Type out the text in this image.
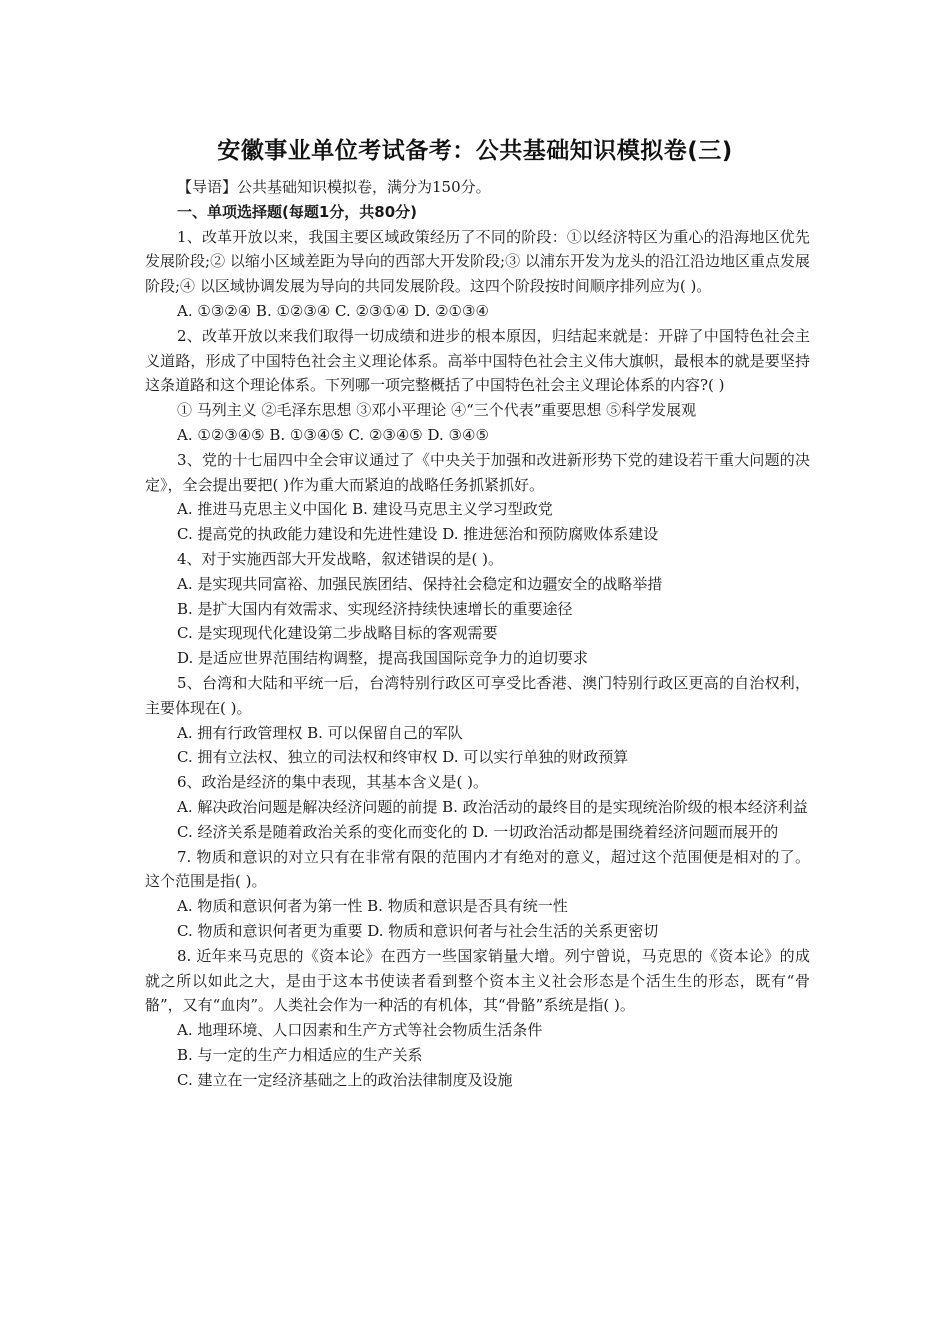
安徽事业单位考试备考：公共基础知识模拟卷(三)

【导语】公共基础知识模拟卷，满分为150分。

一、单项选择题(每题1分，共80分)

1、改革开放以来，我国主要区域政策经历了不同的阶段：①以经济特区为重心的沿海地区优先发展阶段;② 以缩小区域差距为导向的西部大开发阶段;③ 以浦东开发为龙头的沿江沿边地区重点发展阶段;④ 以区域协调发展为导向的共同发展阶段。这四个阶段按时间顺序排列应为( )。

A. ①③②④ B. ①②③④ C. ②③①④ D. ②①③④

2、改革开放以来我们取得一切成绩和进步的根本原因，归结起来就是：开辟了中国特色社会主义道路，形成了中国特色社会主义理论体系。高举中国特色社会主义伟大旗帜，最根本的就是要坚持这条道路和这个理论体系。下列哪一项完整概括了中国特色社会主义理论体系的内容?( )

① 马列主义 ②毛泽东思想 ③邓小平理论 ④“三个代表”重要思想 ⑤科学发展观

A. ①②③④⑤ B. ①③④⑤ C. ②③④⑤ D. ③④⑤

3、党的十七届四中全会审议通过了《中央关于加强和改进新形势下党的建设若干重大问题的决定》，全会提出要把( )作为重大而紧迫的战略任务抓紧抓好。

A. 推进马克思主义中国化 B. 建设马克思主义学习型政党

C. 提高党的执政能力建设和先进性建设 D. 推进惩治和预防腐败体系建设

4、对于实施西部大开发战略，叙述错误的是( )。

A. 是实现共同富裕、加强民族团结、保持社会稳定和边疆安全的战略举措

B. 是扩大国内有效需求、实现经济持续快速增长的重要途径

C. 是实现现代化建设第二步战略目标的客观需要

D. 是适应世界范围结构调整，提高我国国际竞争力的迫切要求

5、台湾和大陆和平统一后，台湾特别行政区可享受比香港、澳门特别行政区更高的自治权利，主要体现在( )。

A. 拥有行政管理权 B. 可以保留自己的军队

C. 拥有立法权、独立的司法权和终审权 D. 可以实行单独的财政预算

6、政治是经济的集中表现，其基本含义是( )。

A. 解决政治问题是解决经济问题的前提 B. 政治活动的最终目的是实现统治阶级的根本经济利益

C. 经济关系是随着政治关系的变化而变化的 D. 一切政治活动都是围绕着经济问题而展开的

7. 物质和意识的对立只有在非常有限的范围内才有绝对的意义，超过这个范围便是相对的了。这个范围是指( )。

A. 物质和意识何者为第一性 B. 物质和意识是否具有统一性

C. 物质和意识何者更为重要 D. 物质和意识何者与社会生活的关系更密切

8. 近年来马克思的《资本论》在西方一些国家销量大增。列宁曾说，马克思的《资本论》的成就之所以如此之大，是由于这本书使读者看到整个资本主义社会形态是个活生生的形态，既有“骨骼”，又有“血肉”。人类社会作为一种活的有机体，其“骨骼”系统是指( )。

A. 地理环境、人口因素和生产方式等社会物质生活条件

B. 与一定的生产力相适应的生产关系

C. 建立在一定经济基础之上的政治法律制度及设施
